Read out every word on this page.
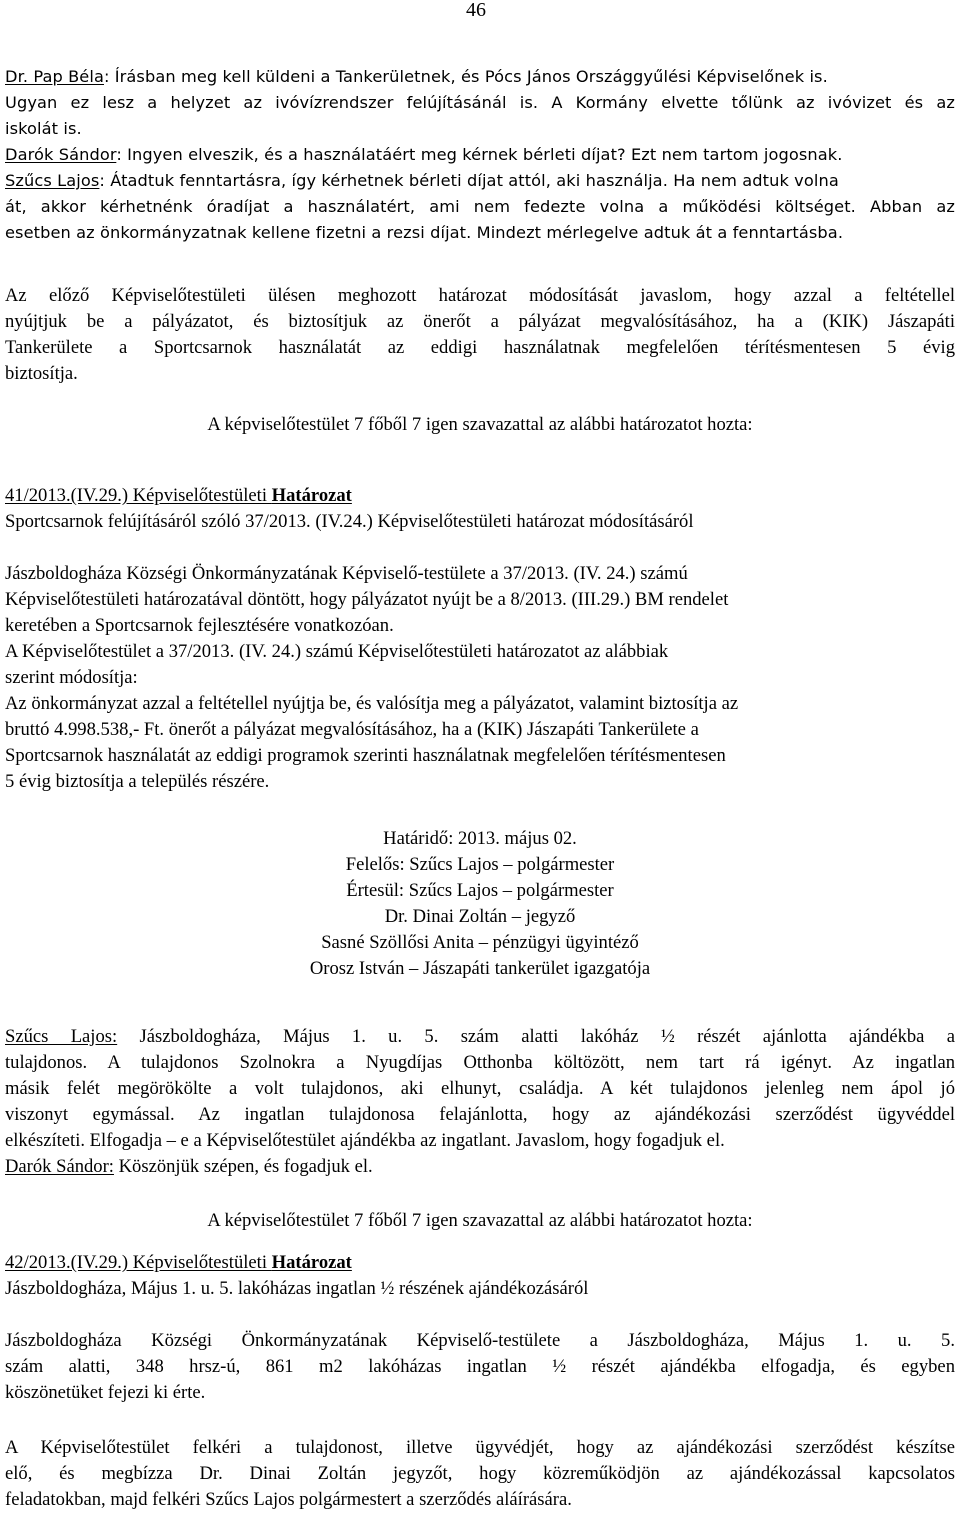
46
Dr. Pap Béla: Írásban meg kell küldeni a Tankerületnek, és Pócs János Országgyűlési Képviselőnek is.
Ugyan ez lesz a helyzet az ivóvízrendszer felújításánál is. A Kormány elvette tőlünk az ivóvizet és az
iskolát is.
Darók Sándor: Ingyen elveszik, és a használatáért meg kérnek bérleti díjat? Ezt nem tartom jogosnak.
Szűcs Lajos: Átadtuk fenntartásra, így kérhetnek bérleti díjat attól, aki használja. Ha nem adtuk volna
át, akkor kérhetnénk óradíjat a használatért, ami nem fedezte volna a működési költséget. Abban az
esetben az önkormányzatnak kellene fizetni a rezsi díjat. Mindezt mérlegelve adtuk át a fenntartásba.
Az előző Képviselőtestületi ülésen meghozott határozat módosítását javaslom, hogy azzal a feltétellel
nyújtjuk be a pályázatot, és biztosítjuk az önerőt a pályázat megvalósításához, ha a (KIK) Jászapáti
Tankerülete a Sportcsarnok használatát az eddigi használatnak megfelelően térítésmentesen 5 évig
biztosítja.
A képviselőtestület 7 főből 7 igen szavazattal az alábbi határozatot hozta:
41/2013.(IV.29.) Képviselőtestületi Határozat
Sportcsarnok felújításáról szóló 37/2013. (IV.24.) Képviselőtestületi határozat módosításáról
Jászboldogháza Községi Önkormányzatának Képviselő-testülete a 37/2013. (IV. 24.) számú
Képviselőtestületi határozatával döntött, hogy pályázatot nyújt be a 8/2013. (III.29.) BM rendelet
keretében a Sportcsarnok fejlesztésére vonatkozóan.
A Képviselőtestület a 37/2013. (IV. 24.) számú Képviselőtestületi határozatot az alábbiak
szerint módosítja:
Az önkormányzat azzal a feltétellel nyújtja be, és valósítja meg a pályázatot, valamint biztosítja az
bruttó 4.998.538,- Ft. önerőt a pályázat megvalósításához, ha a (KIK) Jászapáti Tankerülete a
Sportcsarnok használatát az eddigi programok szerinti használatnak megfelelően térítésmentesen
5 évig biztosítja a település részére.
Határidő: 2013. május 02.
Felelős: Szűcs Lajos – polgármester
Értesül: Szűcs Lajos – polgármester
Dr. Dinai Zoltán – jegyző
Sasné Szöllősi Anita – pénzügyi ügyintéző
Orosz István – Jászapáti tankerület igazgatója
Szűcs Lajos: Jászboldogháza, Május 1. u. 5. szám alatti lakóház ½ részét ajánlotta ajándékba a
tulajdonos. A tulajdonos Szolnokra a Nyugdíjas Otthonba költözött, nem tart rá igényt. Az ingatlan
másik felét megörökölte a volt tulajdonos, aki elhunyt, családja. A két tulajdonos jelenleg nem ápol jó
viszonyt egymással. Az ingatlan tulajdonosa felajánlotta, hogy az ajándékozási szerződést ügyvéddel
elkészíteti. Elfogadja – e a Képviselőtestület ajándékba az ingatlant. Javaslom, hogy fogadjuk el.
Darók Sándor: Köszönjük szépen, és fogadjuk el.
A képviselőtestület 7 főből 7 igen szavazattal az alábbi határozatot hozta:
42/2013.(IV.29.) Képviselőtestületi Határozat
Jászboldogháza, Május 1. u. 5. lakóházas ingatlan ½ részének ajándékozásáról
Jászboldogháza Községi Önkormányzatának Képviselő-testülete a Jászboldogháza, Május 1. u. 5.
szám alatti, 348 hrsz-ú, 861 m2 lakóházas ingatlan ½ részét ajándékba elfogadja, és egyben
köszönetüket fejezi ki érte.
A Képviselőtestület felkéri a tulajdonost, illetve ügyvédjét, hogy az ajándékozási szerződést készítse
elő, és megbízza Dr. Dinai Zoltán jegyzőt, hogy közreműködjön az ajándékozással kapcsolatos
feladatokban, majd felkéri Szűcs Lajos polgármestert a szerződés aláírására.
